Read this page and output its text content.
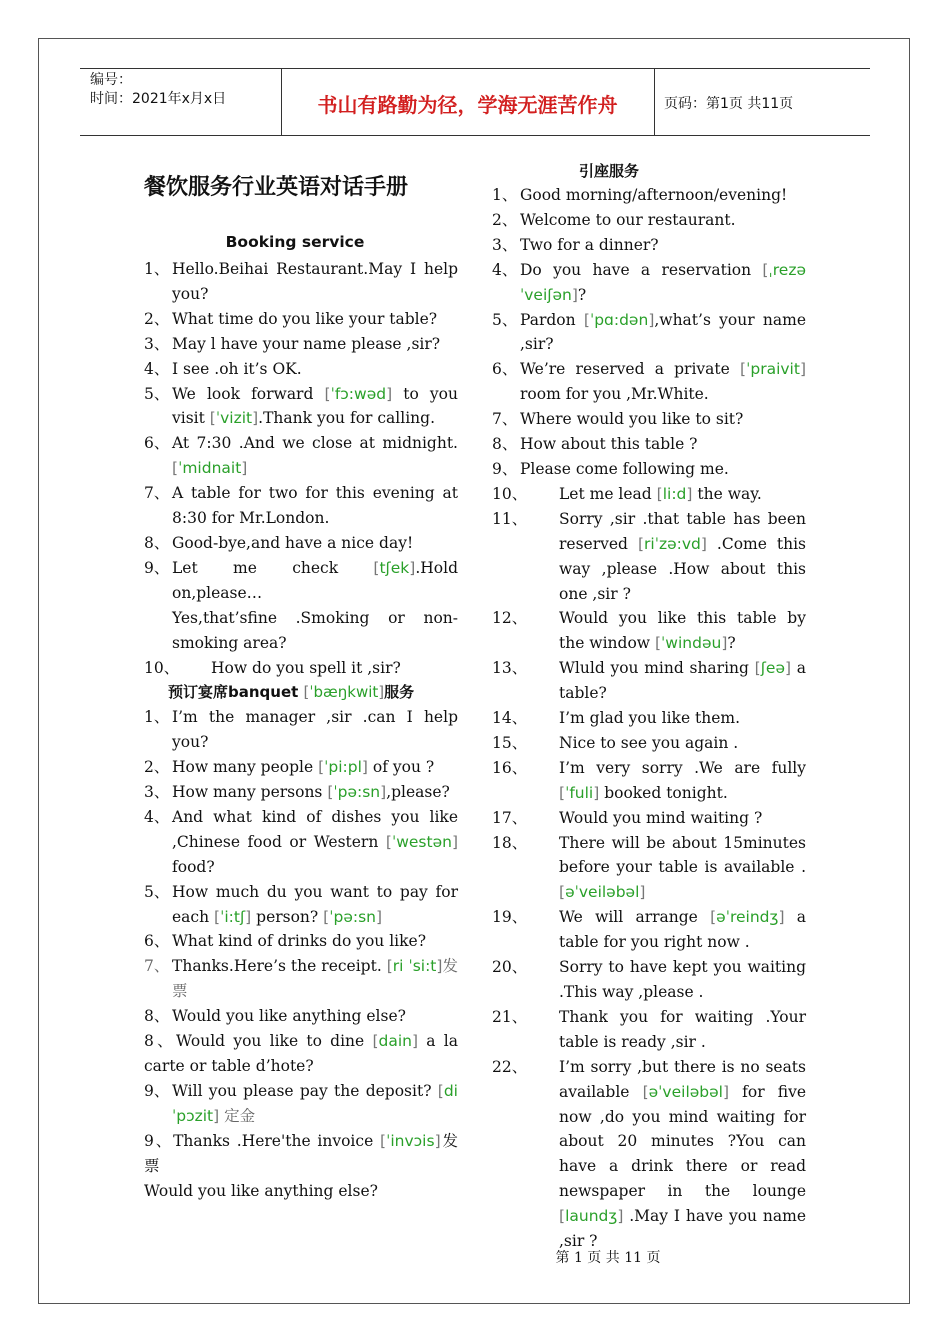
编号：
时间：2021年x月x日	书山有路勤为径，学海无涯苦作舟	页码：第1页 共11页
餐饮服务行业英语对话手册
Booking service
引座服务
1、 Hello.Beihai Restaurant.May I help you?
2、 What time do you like your table?
3、 May l have your name please ,sir?
4、 I see .oh it’s OK.
5、 We look forward [ˈfɔ:wəd] to you visit [ˈvizit].Thank you for calling.
6、 At 7:30 .And we close at midnight. [ˈmidnait]
7、 A table for two for this evening at 8:30 for Mr.London.
8、 Good-bye,and have a nice day!
9、 Let me check [tʃek].Hold on,please…
Yes,that’sfine .Smoking or non-smoking area?
10、	How do you spell it ,sir?
预订宴席banquet [ˈbæŋkwit]服务
1、 I’m the manager ,sir .can I help you?
2、 How many people [ˈpi:pl] of you ?
3、 How many persons [ˈpə:sn],please?
4、 And what kind of dishes you like ,Chinese food or Western [ˈwestən] food?
5、 How much du you want to pay for each [ˈi:tʃ] person? [ˈpə:sn]
6、 What kind of drinks do you like?
7、 Thanks.Here’s the receipt. [ri ˈsi:t]发票
8、 Would you like anything else?
8、Would you like to dine [dain] a la carte or table d’hote?
9、 Will you please pay the deposit? [diˈpɔzit] 定金
9、Thanks .Here'the invoice [ˈinvɔis]发票
Would you like anything else?
1、 Good morning/afternoon/evening!
2、 Welcome to our restaurant.
3、 Two for a dinner?
4、 Do you have a reservation [ˌrezəˈveiʃən]?
5、 Pardon [ˈpɑ:dən],what’s your name ,sir?
6、 We’re reserved a private [ˈpraivit] room for you ,Mr.White.
7、 Where would you like to sit?
8、 How about this table ?
9、 Please come following me.
10、	Let me lead [li:d] the way.
11、	Sorry ,sir .that table has been reserved [riˈzə:vd] .Come this way ,please .How about this one ,sir ?
12、	Would you like this table by the window [ˈwindəu]?
13、	Wluld you mind sharing [ʃeə] a table?
14、	I’m glad you like them.
15、	Nice to see you again .
16、	I’m very sorry .We are fully [ˈfuli] booked tonight.
17、	Would you mind waiting ?
18、	There will be about 15minutes before your table is available . [əˈveiləbəl]
19、	We will arrange [əˈreindʒ] a table for you right now .
20、	Sorry to have kept you waiting .This way ,please .
21、	Thank you for waiting .Your table is ready ,sir .
22、	I’m sorry ,but there is no seats available [əˈveiləbəl] for five now ,do you mind waiting for about 20 minutes ?You can have a drink there or read newspaper in the lounge [laundʒ] .May I have you name ,sir ?
第 1 页 共 11 页
